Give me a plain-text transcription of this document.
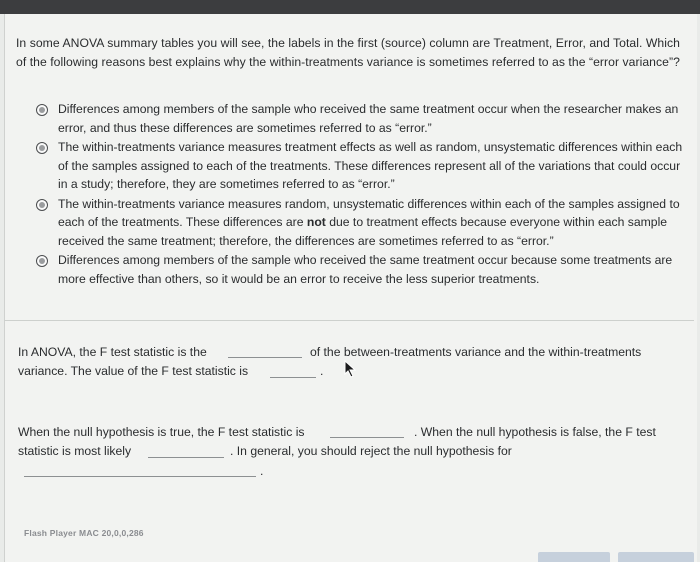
In some ANOVA summary tables you will see, the labels in the first (source) column are Treatment, Error, and Total. Which of the following reasons best explains why the within-treatments variance is sometimes referred to as the “error variance”?
Differences among members of the sample who received the same treatment occur when the researcher makes an error, and thus these differences are sometimes referred to as “error.”
The within-treatments variance measures treatment effects as well as random, unsystematic differences within each of the samples assigned to each of the treatments. These differences represent all of the variations that could occur in a study; therefore, they are sometimes referred to as “error.”
The within-treatments variance measures random, unsystematic differences within each of the samples assigned to each of the treatments. These differences are not due to treatment effects because everyone within each sample received the same treatment; therefore, the differences are sometimes referred to as “error.”
Differences among members of the sample who received the same treatment occur because some treatments are more effective than others, so it would be an error to receive the less superior treatments.
In ANOVA, the F test statistic is the	of the between-treatments variance and the within-treatments
variance. The value of the F test statistic is	.
When the null hypothesis is true, the F test statistic is	. When the null hypothesis is false, the F test
statistic is most likely	. In general, you should reject the null hypothesis for
.
Flash Player MAC 20,0,0,286
